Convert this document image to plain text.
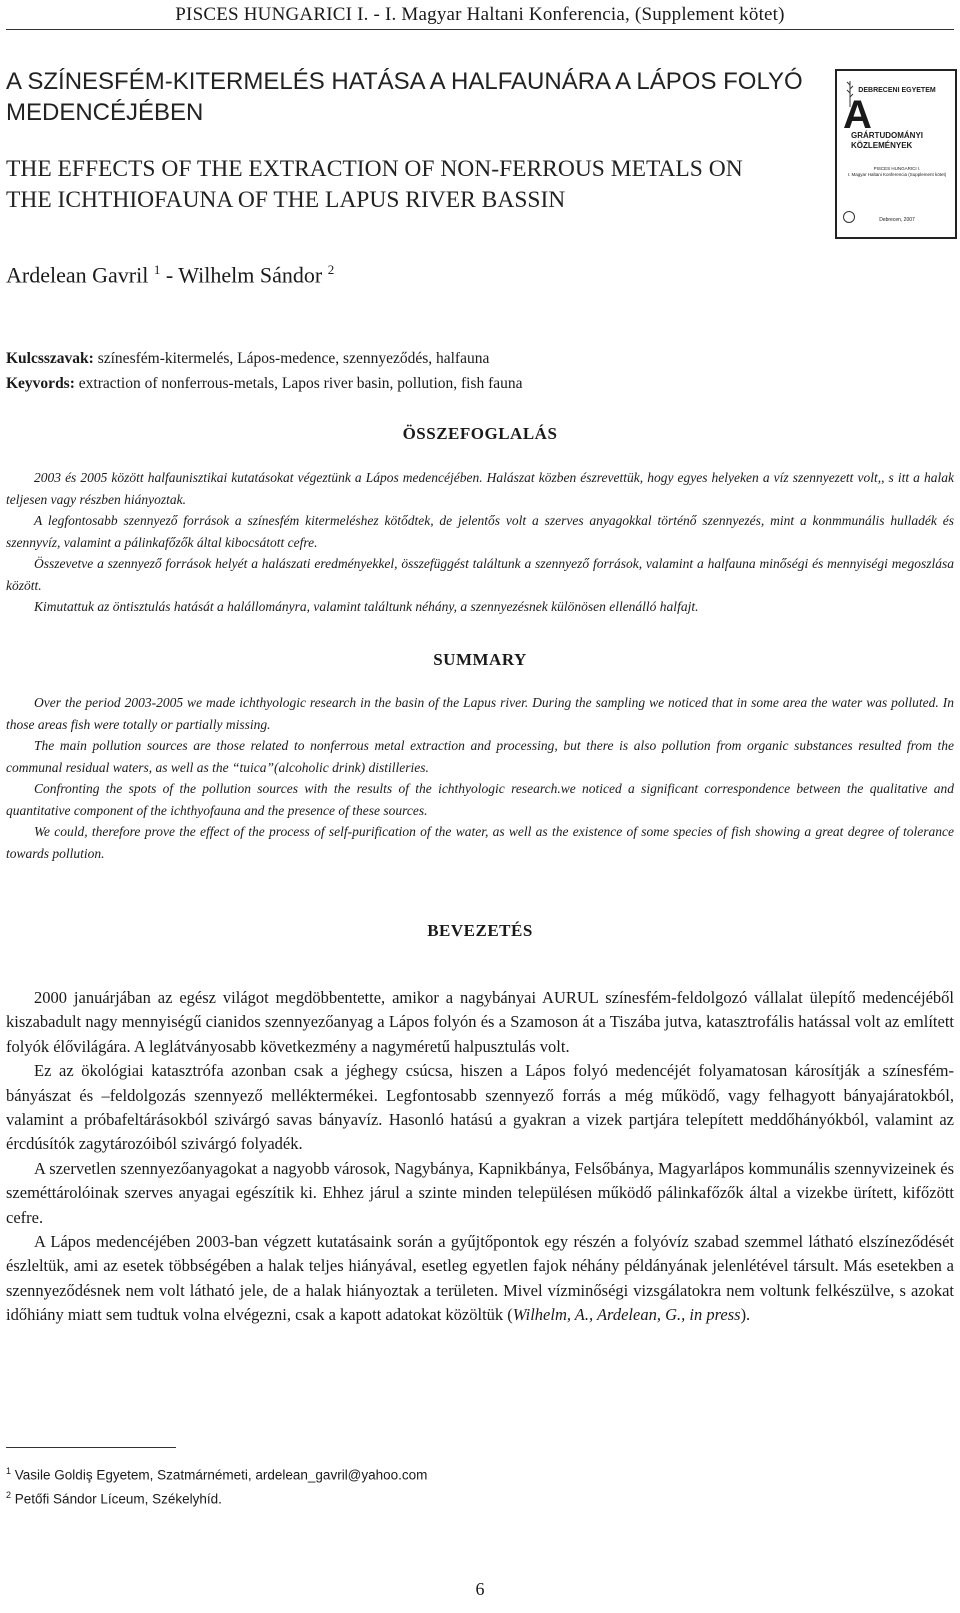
PISCES HUNGARICI I. - I. Magyar Haltani Konferencia, (Supplement kötet)
A SZÍNESFÉM-KITERMELÉS HATÁSA A HALFAUNÁRA A LÁPOS FOLYÓ MEDENCÉJÉBEN
THE EFFECTS OF THE EXTRACTION OF NON-FERROUS METALS ON THE ICHTHIOFAUNA OF THE LAPUS RIVER BASSIN
DEBRECENI EGYETEM
A
GRÁRTUDOMÁNYI KÖZLEMÉNYEK
PISCES HUNGARICI I.
I. Magyar Haltani Konferencia (Supplement kötet)
Debrecen, 2007
Ardelean Gavril $^1$ - Wilhelm Sándor $^2$
Kulcsszavak: színesfém-kitermelés, Lápos-medence, szennyeződés, halfauna
Keyvords: extraction of nonferrous-metals, Lapos river basin, pollution, fish fauna
ÖSSZEFOGLALÁS

2003 és 2005 között halfaunisztikai kutatásokat végeztünk a Lápos medencéjében. Halászat közben észrevettük, hogy egyes helyeken a víz szennyezett volt,, s itt a halak teljesen vagy részben hiányoztak.

A legfontosabb szennyező források a színesfém kitermeléshez kötődtek, de jelentős volt a szerves anyagokkal történő szennyezés, mint a konmmunális hulladék és szennyvíz, valamint a pálinkafőzők által kibocsátott cefre.

Összevetve a szennyező források helyét a halászati eredményekkel, összefüggést találtunk a szennyező források, valamint a halfauna minőségi és mennyiségi megoszlása között.

Kimutattuk az öntisztulás hatását a halállományra, valamint találtunk néhány, a szennyezésnek különösen ellenálló halfajt.

SUMMARY

Over the period 2003-2005 we made ichthyologic research in the basin of the Lapus river. During the sampling we noticed that in some area the water was polluted. In those areas fish were totally or partially missing.

The main pollution sources are those related to nonferrous metal extraction and processing, but there is also pollution from organic substances resulted from the communal residual waters, as well as the “tuica”(alcoholic drink) distilleries.

Confronting the spots of the pollution sources with the results of the ichthyologic research.we noticed a significant correspondence between the qualitative and quantitative component of the ichthyofauna and the presence of these sources.

We could, therefore prove the effect of the process of self-purification of the water, as well as the existence of some species of fish showing a great degree of tolerance towards pollution.

BEVEZETÉS

2000 januárjában az egész világot megdöbbentette, amikor a nagybányai AURUL színesfém-feldolgozó vállalat ülepítő medencéjéből kiszabadult nagy mennyiségű cianidos szennyezőanyag a Lápos folyón és a Szamoson át a Tiszába jutva, katasztrofális hatással volt az említett folyók élővilágára. A leglátványosabb következmény a nagyméretű halpusztulás volt.

Ez az ökológiai katasztrófa azonban csak a jéghegy csúcsa, hiszen a Lápos folyó medencéjét folyamatosan károsítják a színesfém-bányászat és –feldolgozás szennyező melléktermékei. Legfontosabb szennyező forrás a még működő, vagy felhagyott bányajáratokból, valamint a próbafeltárásokból szivárgó savas bányavíz. Hasonló hatású a gyakran a vizek partjára telepített meddőhányókból, valamint az ércdúsítók zagytározóiból szivárgó folyadék.

A szervetlen szennyezőanyagokat a nagyobb városok, Nagybánya, Kapnikbánya, Felsőbánya, Magyarlápos kommunális szennyvizeinek és szeméttárolóinak szerves anyagai egészítik ki. Ehhez járul a szinte minden településen működő pálinkafőzők által a vizekbe ürített, kifőzött cefre.

A Lápos medencéjében 2003-ban végzett kutatásaink során a gyűjtőpontok egy részén a folyóvíz szabad szemmel látható elszíneződését észleltük, ami az esetek többségében a halak teljes hiányával, esetleg egyetlen fajok néhány példányának jelenlétével társult. Más esetekben a szennyeződésnek nem volt látható jele, de a halak hiányoztak a területen. Mivel vízminőségi vizsgálatokra nem voltunk felkészülve, s azokat időhiány miatt sem tudtuk volna elvégezni, csak a kapott adatokat közöltük (Wilhelm, A., Ardelean, G., in press).

$^1$ Vasile Goldiş Egyetem, Szatmárnémeti, ardelean_gavril@yahoo.com
$^2$ Petőfi Sándor Líceum, Székelyhíd.
6
